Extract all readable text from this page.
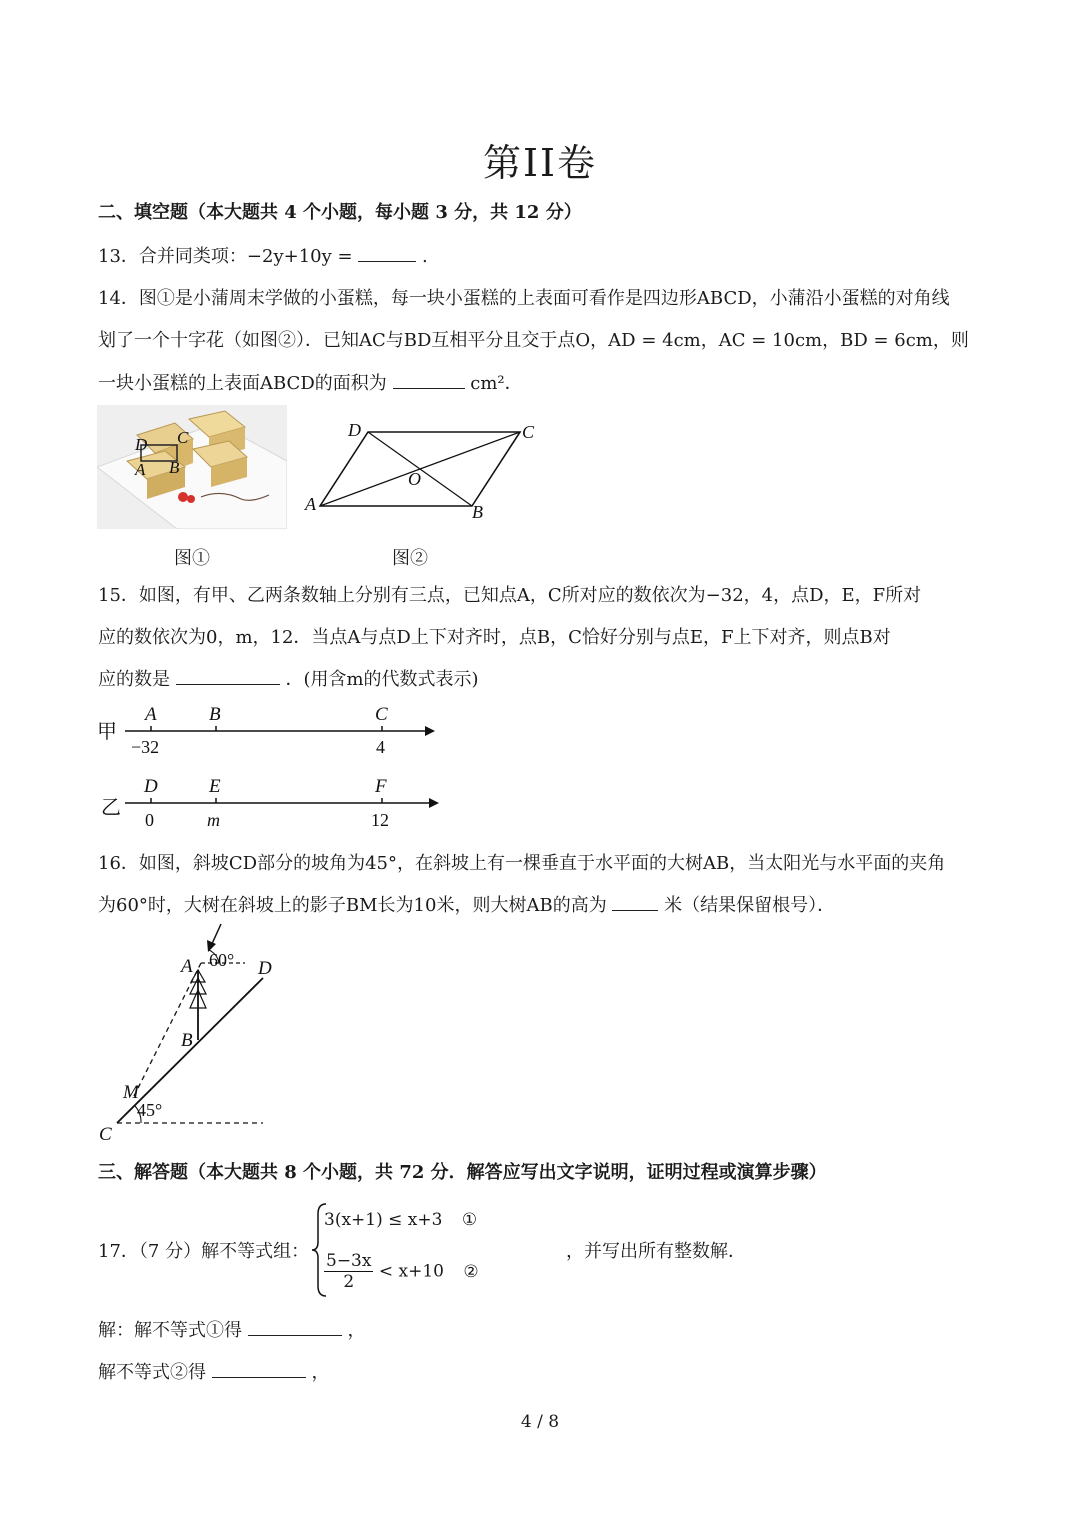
第II卷
二、填空题（本大题共 4 个小题，每小题 3 分，共 12 分）
13．合并同类项：−2y+10y =	.
14．图①是小蒲周末学做的小蛋糕，每一块小蛋糕的上表面可看作是四边形ABCD，小蒲沿小蛋糕的对角线
划了一个十字花（如图②）．已知AC与BD互相平分且交于点O，AD = 4cm，AC = 10cm，BD = 6cm，则
一块小蛋糕的上表面ABCD的面积为	cm²．
D C
A B
图①
D	C
A	B
O
图②
15．如图，有甲、乙两条数轴上分别有三点，已知点A，C所对应的数依次为−32，4，点D，E，F所对
应的数依次为0，m，12．当点A与点D上下对齐时，点B，C恰好分别与点E，F上下对齐，则点B对
应的数是	．(用含m的代数式表示)
甲
A	B	C
−32	4
乙
D	E	F
0	m	12
16．如图，斜坡CD部分的坡角为45°，在斜坡上有一棵垂直于水平面的大树AB，当太阳光与水平面的夹角
为60°时，大树在斜坡上的影子BM长为10米，则大树AB的高为	米（结果保留根号）．
A 60° D
B
M
45°
C
三、解答题（本大题共 8 个小题，共 72 分．解答应写出文字说明，证明过程或演算步骤）
17．（7 分）解不等式组：
3(x+1) ≤ x+3 ①
$\frac{5-3x}{2} < x+10$ ②
，并写出所有整数解．
解：解不等式①得	，
解不等式②得	，
4 / 8
